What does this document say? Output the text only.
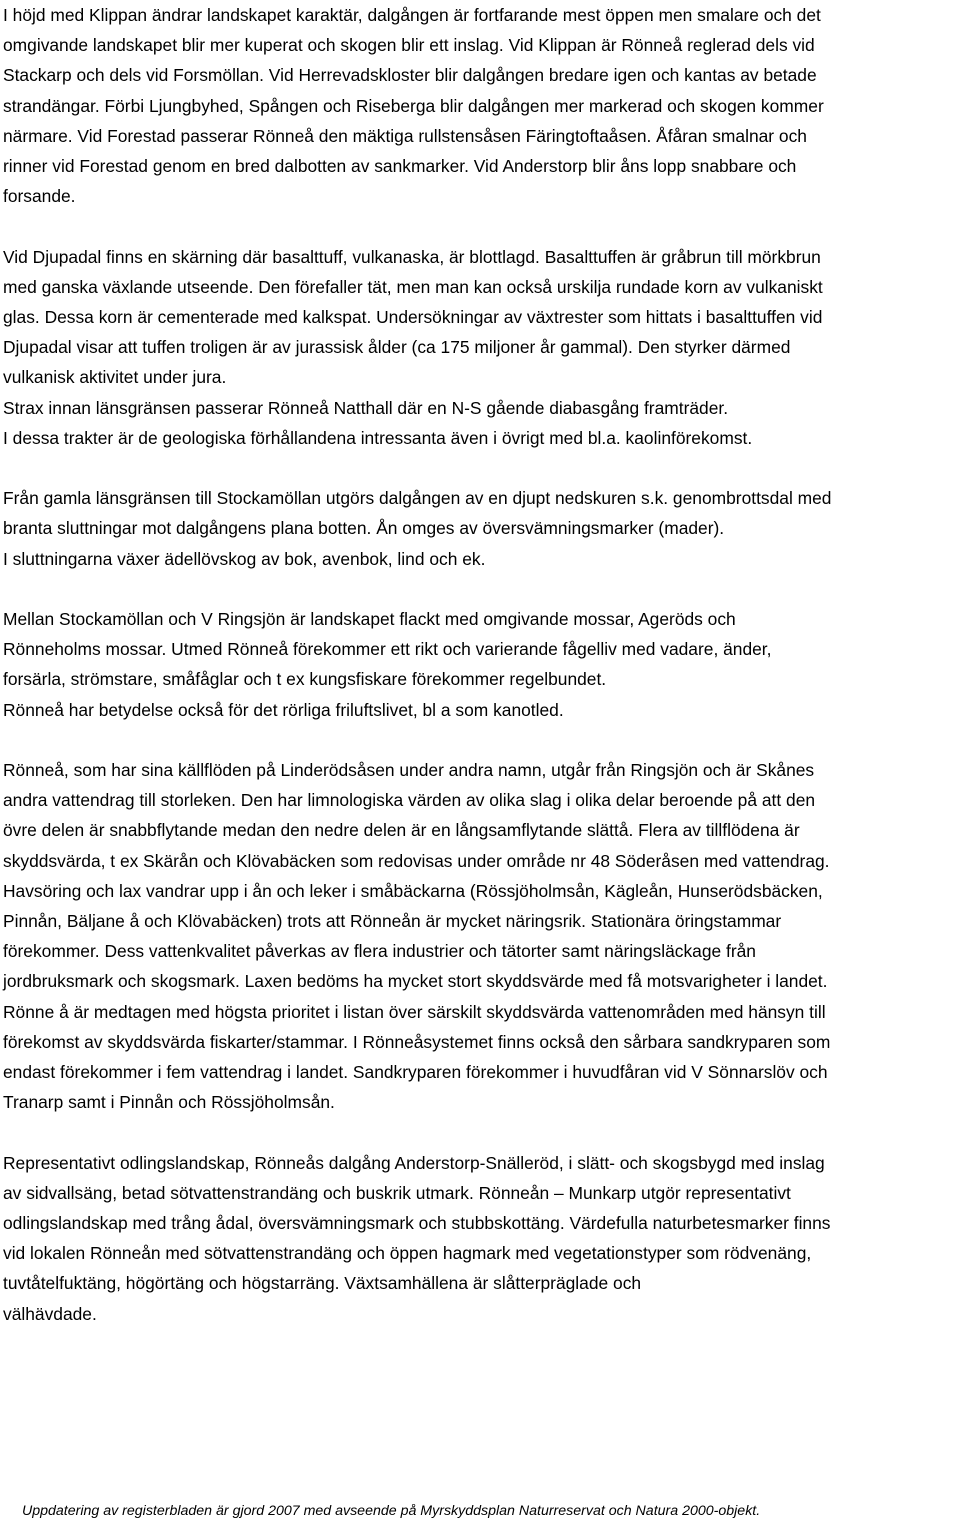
I höjd med Klippan ändrar landskapet karaktär, dalgången är fortfarande mest öppen men smalare och det
omgivande landskapet blir mer kuperat och skogen blir ett inslag. Vid Klippan är Rönneå reglerad dels vid
Stackarp och dels vid Forsmöllan. Vid Herrevadskloster blir dalgången bredare igen och kantas av betade
strandängar. Förbi Ljungbyhed, Spången och Riseberga blir dalgången mer markerad och skogen kommer
närmare. Vid Forestad passerar Rönneå den mäktiga rullstensåsen Färingtoftaåsen. Åfåran smalnar och
rinner vid Forestad genom en bred dalbotten av sankmarker. Vid Anderstorp blir åns lopp snabbare och
forsande.
Vid Djupadal finns en skärning där basalttuff, vulkanaska, är blottlagd. Basalttuffen är gråbrun till mörkbrun
med ganska växlande utseende. Den förefaller tät, men man kan också urskilja rundade korn av vulkaniskt
glas. Dessa korn är cementerade med kalkspat. Undersökningar av växtrester som hittats i basalttuffen vid
Djupadal visar att tuffen troligen är av jurassisk ålder (ca 175 miljoner år gammal). Den styrker därmed
vulkanisk aktivitet under jura.
Strax innan länsgränsen passerar Rönneå Natthall där en N-S gående diabasgång framträder.
I dessa trakter är de geologiska förhållandena intressanta även i övrigt med bl.a. kaolinförekomst.
Från gamla länsgränsen till Stockamöllan utgörs dalgången av en djupt nedskuren s.k. genombrottsdal med
branta sluttningar mot dalgångens plana botten. Ån omges av översvämningsmarker (mader).
I sluttningarna växer ädellövskog av bok, avenbok, lind och ek.
Mellan Stockamöllan och V Ringsjön är landskapet flackt med omgivande mossar, Ageröds och
Rönneholms mossar. Utmed Rönneå förekommer ett rikt och varierande fågelliv med vadare, änder,
forsärla, strömstare, småfåglar och t ex kungsfiskare förekommer regelbundet.
Rönneå har betydelse också för det rörliga friluftslivet, bl a som kanotled.
Rönneå, som har sina källflöden på Linderödsåsen under andra namn, utgår från Ringsjön och är Skånes
andra vattendrag till storleken. Den har limnologiska värden av olika slag i olika delar beroende på att den
övre delen är snabbflytande medan den nedre delen är en långsamflytande slättå. Flera av tillflödena är
skyddsvärda, t ex Skärån och Klövabäcken som redovisas under område nr 48 Söderåsen med vattendrag.
Havsöring och lax vandrar upp i ån och leker i småbäckarna (Rössjöholmsån, Kägleån, Hunserödsbäcken,
Pinnån, Bäljane å och Klövabäcken) trots att Rönneån är mycket näringsrik. Stationära öringstammar
förekommer. Dess vattenkvalitet påverkas av flera industrier och tätorter samt näringsläckage från
jordbruksmark och skogsmark. Laxen bedöms ha mycket stort skyddsvärde med få motsvarigheter i landet.
Rönne å är medtagen med högsta prioritet i listan över särskilt skyddsvärda vattenområden med hänsyn till
förekomst av skyddsvärda fiskarter/stammar. I Rönneåsystemet finns också den sårbara sandkryparen som
endast förekommer i fem vattendrag i landet. Sandkryparen förekommer i huvudfåran vid V Sönnarslöv och
Tranarp samt i Pinnån och Rössjöholmsån.
Representativt odlingslandskap, Rönneås dalgång Anderstorp-Snälleröd, i slätt- och skogsbygd med inslag
av sidvallsäng, betad sötvattenstrandäng och buskrik utmark. Rönneån – Munkarp utgör representativt
odlingslandskap med trång ådal, översvämningsmark och stubbskottäng. Värdefulla naturbetesmarker finns
vid lokalen Rönneån med sötvattenstrandäng och öppen hagmark med vegetationstyper som rödvenäng,
tuvtåtelfuktäng, högörtäng och högstarräng. Växtsamhällena är slåtterpräglade och
välhävdade.
Uppdatering av registerbladen är gjord 2007 med avseende på Myrskyddsplan Naturreservat och Natura 2000-objekt.
